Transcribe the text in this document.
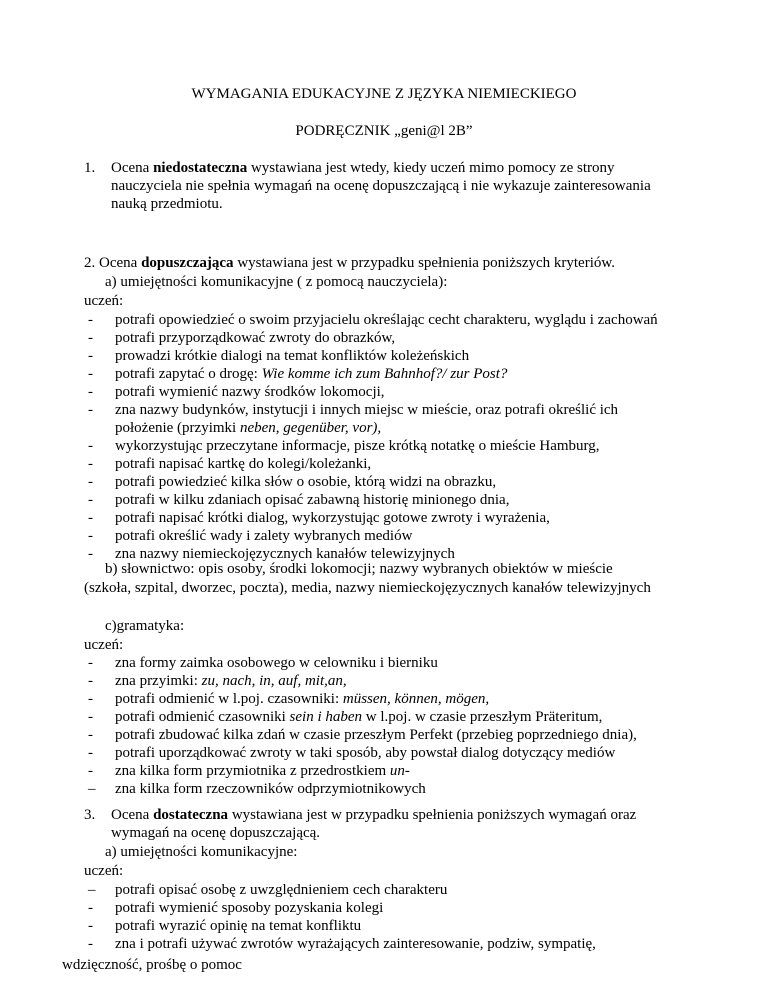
WYMAGANIA EDUKACYJNE Z JĘZYKA NIEMIECKIEGO
PODRĘCZNIK „geni@l 2B”
1.	Ocena niedostateczna wystawiana jest wtedy, kiedy uczeń mimo pomocy ze strony
nauczyciela nie spełnia wymagań na ocenę dopuszczającą i nie wykazuje zainteresowania
nauką przedmiotu.
2. Ocena dopuszczająca wystawiana jest w przypadku spełnienia poniższych kryteriów.
a) umiejętności komunikacyjne ( z pomocą nauczyciela):
uczeń:
-	potrafi opowiedzieć o swoim przyjacielu określając cecht charakteru, wyglądu i zachowań
-	potrafi przyporządkować zwroty do obrazków,
-	prowadzi krótkie dialogi na temat konfliktów koleżeńskich
-	potrafi zapytać o drogę: Wie komme ich zum Bahnhof?/ zur Post?
-	potrafi wymienić nazwy środków lokomocji,
-	zna nazwy budynków, instytucji i innych miejsc w mieście, oraz potrafi określić ich
położenie (przyimki neben, gegenüber, vor),
-	wykorzystując przeczytane informacje, pisze krótką notatkę o mieście Hamburg,
-	potrafi napisać kartkę do kolegi/koleżanki,
-	potrafi powiedzieć kilka słów o osobie, którą widzi na obrazku,
-	potrafi w kilku zdaniach opisać zabawną historię minionego dnia,
-	potrafi napisać krótki dialog, wykorzystując gotowe zwroty i wyrażenia,
-	potrafi określić wady i zalety wybranych mediów
-	zna nazwy niemieckojęzycznych kanałów telewizyjnych
b) słownictwo: opis osoby, środki lokomocji; nazwy wybranych obiektów w mieście
(szkoła, szpital, dworzec, poczta), media, nazwy niemieckojęzycznych kanałów telewizyjnych
c)gramatyka:
uczeń:
-	zna formy zaimka osobowego w celowniku i bierniku
-	zna przyimki: zu, nach, in, auf, mit,an,
-	potrafi odmienić w l.poj. czasowniki: müssen, können, mögen,
-	potrafi odmienić czasowniki sein i haben w l.poj. w czasie przeszłym Präteritum,
-	potrafi zbudować kilka zdań w czasie przeszłym Perfekt (przebieg poprzedniego dnia),
-	potrafi uporządkować zwroty w taki sposób, aby powstał dialog dotyczący mediów
-	zna kilka form przymiotnika z przedrostkiem un-
–	zna kilka form rzeczowników odprzymiotnikowych
3.	Ocena dostateczna wystawiana jest w przypadku spełnienia poniższych wymagań oraz
wymagań na ocenę dopuszczającą.
a) umiejętności komunikacyjne:
uczeń:
–	potrafi opisać osobę z uwzględnieniem cech charakteru
-	potrafi wymienić sposoby pozyskania kolegi
-	potrafi wyrazić opinię na temat konfliktu
-	zna i potrafi używać zwrotów wyrażających zainteresowanie, podziw, sympatię,
wdzięczność, prośbę o pomoc
